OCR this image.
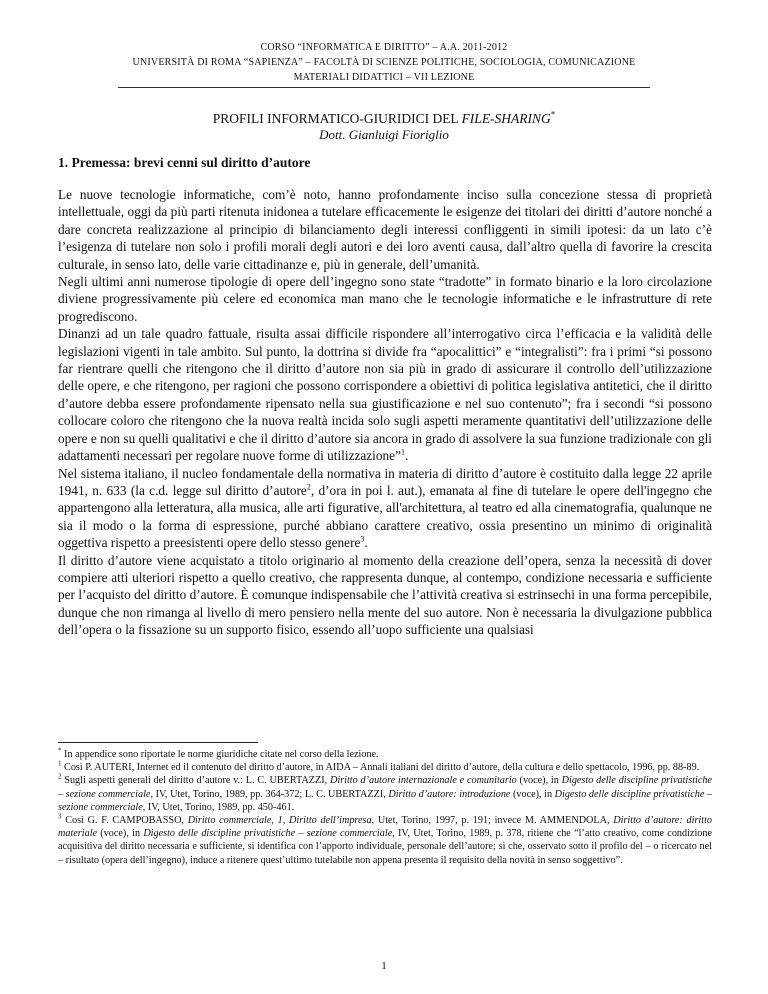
CORSO “INFORMATICA E DIRITTO” – A.A. 2011-2012
UNIVERSITÀ DI ROMA “SAPIENZA” – FACOLTÀ DI SCIENZE POLITICHE, SOCIOLOGIA, COMUNICAZIONE
MATERIALI DIDATTICI – VII LEZIONE
PROFILI INFORMATICO-GIURIDICI DEL FILE-SHARING*
Dott. Gianluigi Fioriglio
1. Premessa: brevi cenni sul diritto d’autore

Le nuove tecnologie informatiche, com’è noto, hanno profondamente inciso sulla concezione stessa di proprietà intellettuale, oggi da più parti ritenuta inidonea a tutelare efficacemente le esigenze dei titolari dei diritti d’autore nonché a dare concreta realizzazione al principio di bilanciamento degli interessi confliggenti in simili ipotesi: da un lato c’è l’esigenza di tutelare non solo i profili morali degli autori e dei loro aventi causa, dall’altro quella di favorire la crescita culturale, in senso lato, delle varie cittadinanze e, più in generale, dell’umanità.

Negli ultimi anni numerose tipologie di opere dell’ingegno sono state “tradotte” in formato binario e la loro circolazione diviene progressivamente più celere ed economica man mano che le tecnologie informatiche e le infrastrutture di rete progrediscono.

Dinanzi ad un tale quadro fattuale, risulta assai difficile rispondere all’interrogativo circa l’efficacia e la validità delle legislazioni vigenti in tale ambito. Sul punto, la dottrina si divide fra “apocalittici” e “integralisti”: fra i primi “si possono far rientrare quelli che ritengono che il diritto d’autore non sia più in grado di assicurare il controllo dell’utilizzazione delle opere, e che ritengono, per ragioni che possono corrispondere a obiettivi di politica legislativa antitetici, che il diritto d’autore debba essere profondamente ripensato nella sua giustificazione e nel suo contenuto”; fra i secondi “si possono collocare coloro che ritengono che la nuova realtà incida solo sugli aspetti meramente quantitativi dell’utilizzazione delle opere e non su quelli qualitativi e che il diritto d’autore sia ancora in grado di assolvere la sua funzione tradizionale con gli adattamenti necessari per regolare nuove forme di utilizzazione”$^1$.

Nel sistema italiano, il nucleo fondamentale della normativa in materia di diritto d’autore è costituito dalla legge 22 aprile 1941, n. 633 (la c.d. legge sul diritto d’autore$^2$, d’ora in poi l. aut.), emanata al fine di tutelare le opere dell'ingegno che appartengono alla letteratura, alla musica, alle arti figurative, all'architettura, al teatro ed alla cinematografia, qualunque ne sia il modo o la forma di espressione, purché abbiano carattere creativo, ossia presentino un minimo di originalità oggettiva rispetto a preesistenti opere dello stesso genere$^3$.

Il diritto d’autore viene acquistato a titolo originario al momento della creazione dell’opera, senza la necessità di dover compiere atti ulteriori rispetto a quello creativo, che rappresenta dunque, al contempo, condizione necessaria e sufficiente per l’acquisto del diritto d’autore. È comunque indispensabile che l’attività creativa si estrinsechi in una forma percepibile, dunque che non rimanga al livello di mero pensiero nella mente del suo autore. Non è necessaria la divulgazione pubblica dell’opera o la fissazione su un supporto fisico, essendo all’uopo sufficiente una qualsiasi

* In appendice sono riportate le norme giuridiche citate nel corso della lezione.

$^1$ Così P. AUTERI, Internet ed il contenuto del diritto d’autore, in AIDA – Annali italiani del diritto d’autore, della cultura e dello spettacolo, 1996, pp. 88-89.

$^2$ Sugli aspetti generali del diritto d’autore v.: L. C. UBERTAZZI, Diritto d’autore internazionale e comunitario (voce), in Digesto delle discipline privatistiche – sezione commerciale, IV, Utet, Torino, 1989, pp. 364-372; L. C. UBERTAZZI, Diritto d’autore: introduzione (voce), in Digesto delle discipline privatistiche – sezione commerciale, IV, Utet, Torino, 1989, pp. 450-461.

$^3$ Così G. F. CAMPOBASSO, Diritto commerciale, 1, Diritto dell’impresa, Utet, Torino, 1997, p. 191; invece M. AMMENDOLA, Diritto d’autore: diritto materiale (voce), in Digesto delle discipline privatistiche – sezione commerciale, IV, Utet, Torino, 1989, p. 378, ritiene che “l’atto creativo, come condizione acquisitiva del diritto necessaria e sufficiente, si identifica con l’apporto individuale, personale dell’autore; sì che, osservato sotto il profilo del – o ricercato nel – risultato (opera dell’ingegno), induce a ritenere quest’ultimo tutelabile non appena presenta il requisito della novità in senso soggettivo”.

1
